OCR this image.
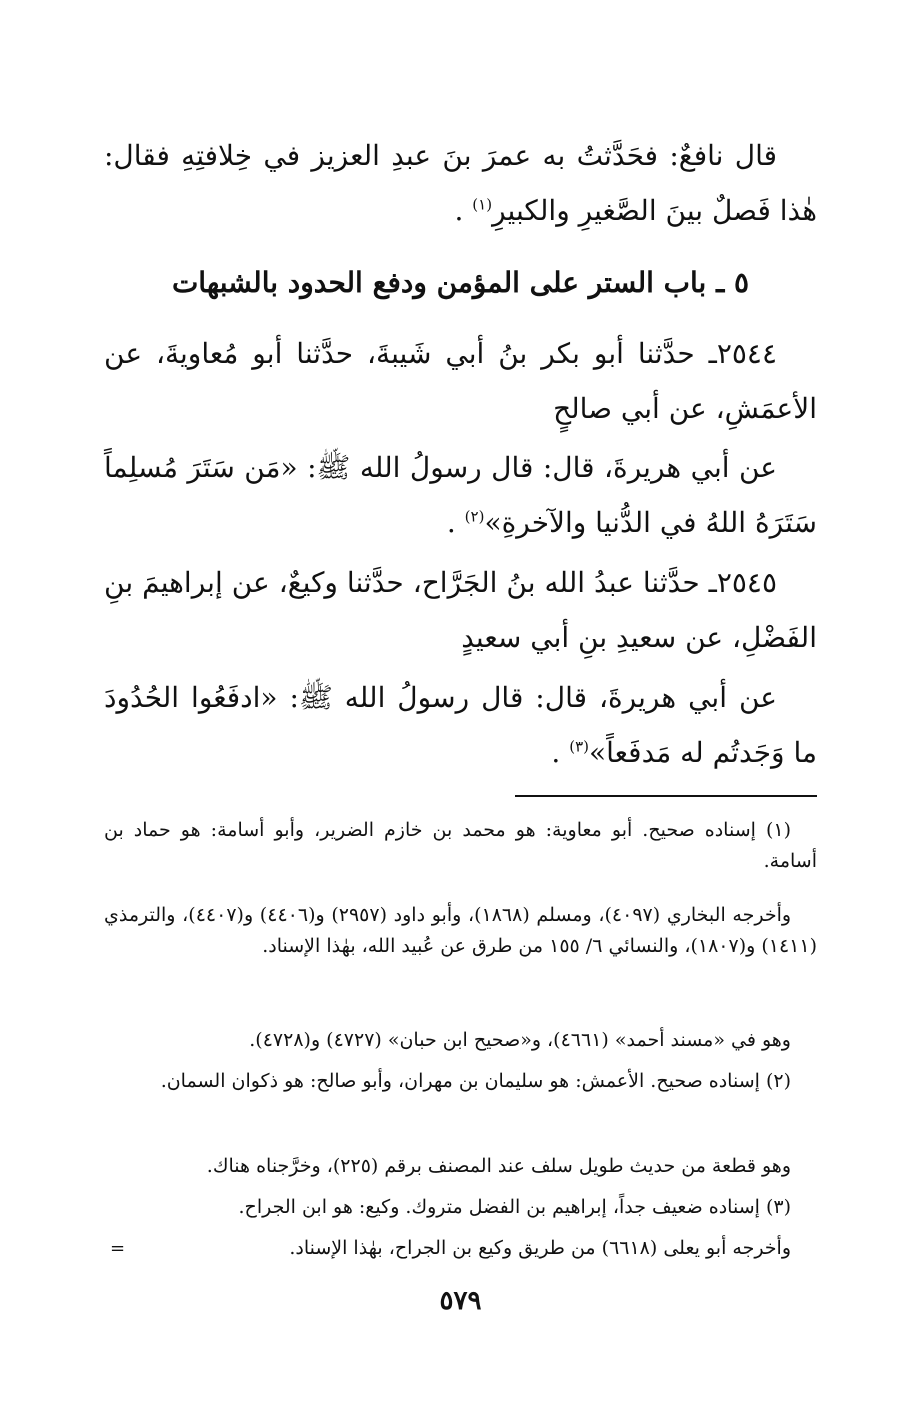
قال نافعٌ: فحَدَّثتُ به عمرَ بنَ عبدِ العزيز في خِلافتِهِ فقال: هٰذا فَصلٌ بينَ الصَّغيرِ والكبيرِ$^{(١)}$ .

٥ ـ باب الستر على المؤمن ودفع الحدود بالشبهات

٢٥٤٤ـ حدَّثنا أبو بكر بنُ أبي شَيبةَ، حدَّثنا أبو مُعاويةَ، عن الأعمَشِ، عن أبي صالحٍ

عن أبي هريرةَ، قال: قال رسولُ الله ﷺ: «مَن سَتَرَ مُسلِماً سَتَرَهُ اللهُ في الدُّنيا والآخرةِ»$^{(٢)}$ .

٢٥٤٥ـ حدَّثنا عبدُ الله بنُ الجَرَّاح، حدَّثنا وكيعٌ، عن إبراهيمَ بنِ الفَضْلِ، عن سعيدِ بنِ أبي سعيدٍ

عن أبي هريرةَ، قال: قال رسولُ الله ﷺ: «ادفَعُوا الحُدُودَ ما وَجَدتُم له مَدفَعاً»$^{(٣)}$ .

(١) إسناده صحيح. أبو معاوية: هو محمد بن خازم الضرير، وأبو أسامة: هو حماد بن أسامة.

وأخرجه البخاري (٤٠٩٧)، ومسلم (١٨٦٨)، وأبو داود (٢٩٥٧) و(٤٤٠٦) و(٤٤٠٧)، والترمذي (١٤١١) و(١٨٠٧)، والنسائي ٦/ ١٥٥ من طرق عن عُبيد الله، بهٰذا الإسناد.

وهو في «مسند أحمد» (٤٦٦١)، و«صحيح ابن حبان» (٤٧٢٧) و(٤٧٢٨).

(٢) إسناده صحيح. الأعمش: هو سليمان بن مهران، وأبو صالح: هو ذكوان السمان.

وهو قطعة من حديث طويل سلف عند المصنف برقم (٢٢٥)، وخرَّجناه هناك.

(٣) إسناده ضعيف جداً، إبراهيم بن الفضل متروك. وكيع: هو ابن الجراح.

وأخرجه أبو يعلى (٦٦١٨) من طريق وكيع بن الجراح، بهٰذا الإسناد.

=
٥٧٩
